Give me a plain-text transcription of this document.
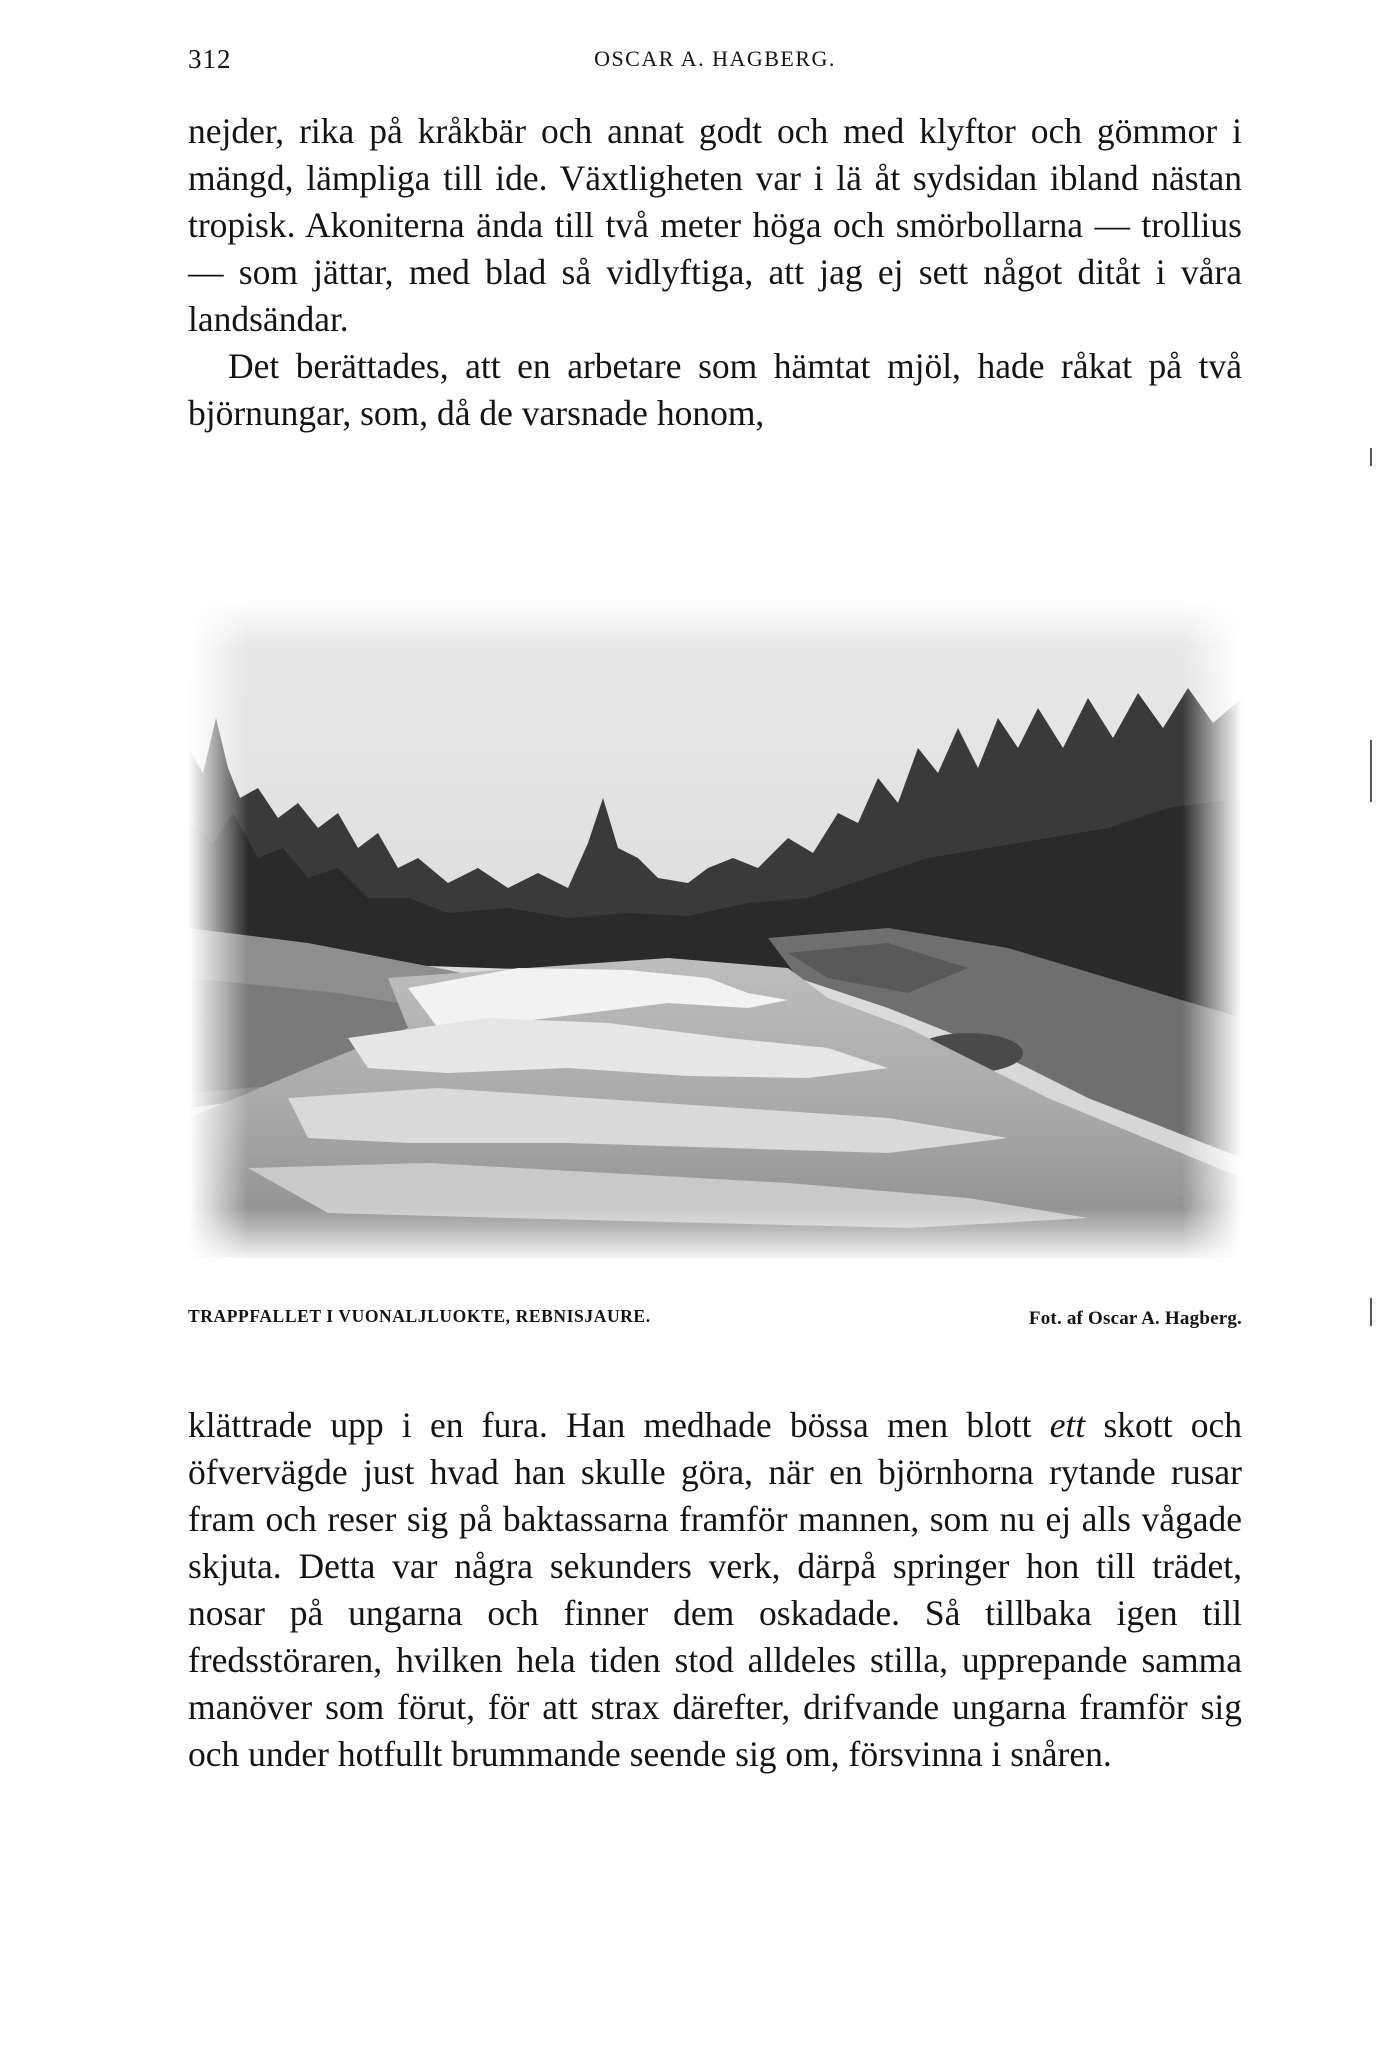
312	OSCAR A. HAGBERG.

nejder, rika på kråkbär och annat godt och med klyftor och gömmor i mängd, lämpliga till ide. Växtligheten var i lä åt sydsidan ibland nästan tropisk. Akoniterna ända till två meter höga och smörbollarna — trollius — som jättar, med blad så vidlyftiga, att jag ej sett något ditåt i våra landsändar.

Det berättades, att en arbetare som hämtat mjöl, hade råkat på två björnungar, som, då de varsnade honom,

TRAPPFALLET I VUONALJLUOKTE, REBNISJAURE.	Fot. af Oscar A. Hagberg.

klättrade upp i en fura. Han medhade bössa men blott ett skott och öfvervägde just hvad han skulle göra, när en björnhorna rytande rusar fram och reser sig på baktassarna framför mannen, som nu ej alls vågade skjuta. Detta var några sekunders verk, därpå springer hon till trädet, nosar på ungarna och finner dem oskadade. Så tillbaka igen till fredsstöraren, hvilken hela tiden stod alldeles stilla, upprepande samma manöver som förut, för att strax därefter, drifvande ungarna framför sig och under hotfullt brummande seende sig om, försvinna i snåren.
